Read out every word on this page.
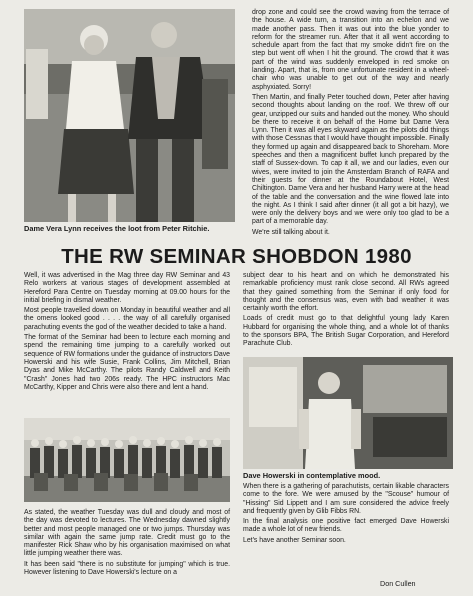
Dame Vera Lynn receives the loot from Peter Ritchie.

drop zone and could see the crowd waving from the terrace of the house. A wide turn, a transition into an echelon and we made another pass. Then it was out into the blue yonder to reform for the streamer run. After that it all went according to schedule apart from the fact that my smoke didn't fire on the step but went off when I hit the ground. The crowd that it was part of the wind was suddenly enveloped in red smoke on landing. Apart, that is, from one unfortunate resident in a wheel-chair who was unable to get out of the way and nearly asphyxiated. Sorry!

Then Martin, and finally Peter touched down, Peter after having second thoughts about landing on the roof. We threw off our gear, unzipped our suits and handed out the money. Who should be there to receive it on behalf of the Home but Dame Vera Lynn. Then it was all eyes skyward again as the pilots did things with those Cessnas that I would have thought impossible. Finally they formed up again and disappeared back to Shoreham. More speeches and then a magnificent buffet lunch prepared by the staff of Sussex-down. To cap it all, we and our ladies, even our wives, were invited to join the Amsterdam Branch of RAFA and their guests for dinner at the Roundabout Hotel, West Chiltington. Dame Vera and her husband Harry were at the head of the table and the conversation and the wine flowed late into the night. As I think I said after dinner (it all got a bit hazy), we were only the delivery boys and we were only too glad to be a part of a memorable day.

We're still talking about it.

THE RW SEMINAR SHOBDON 1980

Well, it was advertised in the Mag three day RW Seminar and 43 Relo workers at various stages of development assembled at Hereford Para Centre on Tuesday morning at 09.00 hours for the initial briefing in dismal weather.

Most people travelled down on Monday in beautiful weather and all the omens looked good . . . . the way of all carefully organised parachuting events the god of the weather decided to take a hand.

The format of the Seminar had been to lecture each morning and spend the remaining time jumping to a carefully worked out sequence of RW formations under the guidance of instructors Dave Howerski and his wife Susie, Frank Collins, Jim Mitchell, Brian Dyas and Mike McCarthy. The pilots Randy Caldwell and Keith "Crash" Jones had two 206s ready. The HPC instructors Mac McCarthy, Kipper and Chris were also there and lent a hand.

As stated, the weather Tuesday was dull and cloudy and most of the day was devoted to lectures. The Wednesday dawned slightly better and most people managed one or two jumps. Thursday was similar with again the same jump rate. Credit must go to the manifester Rick Shaw who by his organisation maximised on what little jumping weather there was.

It has been said "there is no substitute for jumping" which is true. However listening to Dave Howerski's lecture on a

subject dear to his heart and on which he demonstrated his remarkable proficiency must rank close second. All RWs agreed that they gained something from the Seminar if only food for thought and the consensus was, even with bad weather it was certainly worth the effort.

Loads of credit must go to that delightful young lady Karen Hubbard for organising the whole thing, and a whole lot of thanks to the sponsors BPA, The British Sugar Corporation, and Hereford Parachute Club.

Dave Howerski in contemplative mood.

When there is a gathering of parachutists, certain likable characters come to the fore. We were amused by the "Scouse" humour of "Hissing" Sid Lippett and I am sure considered the advice freely and frequently given by Glib Fibbs RN.

In the final analysis one positive fact emerged Dave Howerski made a whole lot of new friends.

Let's have another Seminar soon.

Don Cullen
